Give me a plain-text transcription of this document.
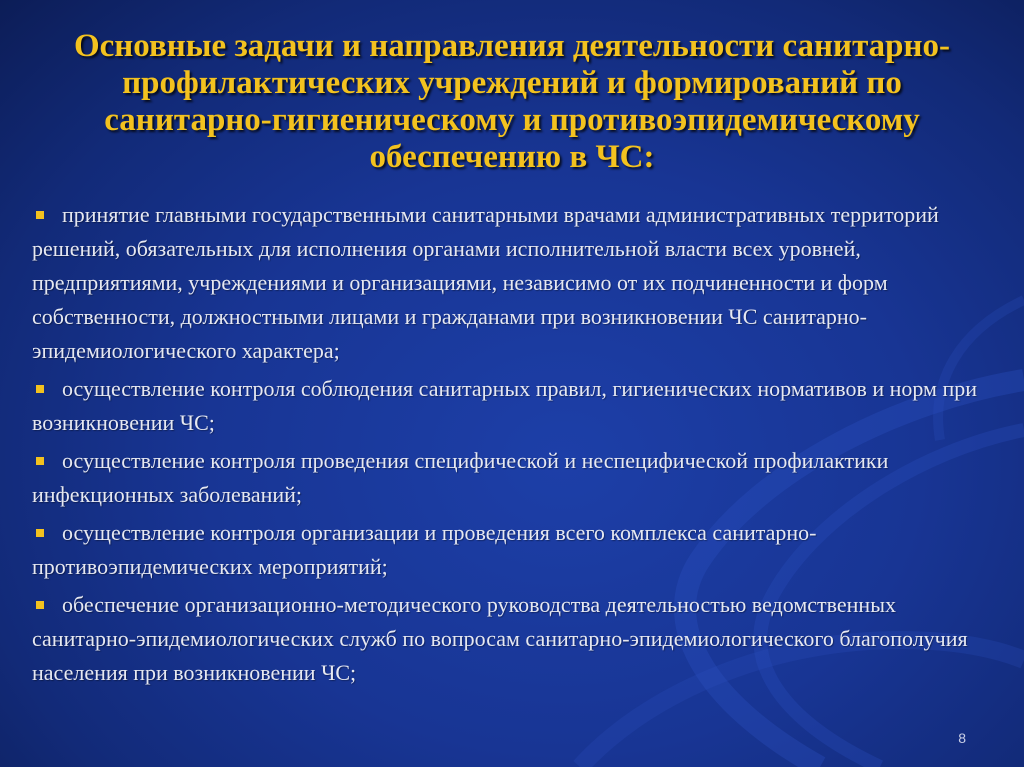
Основные задачи и направления деятельности санитарно-профилактических учреждений и формирований по санитарно-гигиеническому и противоэпидемическому обеспечению в ЧС:
принятие главными государственными санитарными врачами административных территорий решений, обязательных для исполнения органами исполнительной власти всех уровней, предприятиями, учреждениями и организациями, независимо от их подчиненности и форм собственности, должностными лицами и гражданами при возникновении ЧС санитарно-эпидемиологического характера;
осуществление контроля соблюдения санитарных правил, гигиенических нормативов и норм при возникновении ЧС;
осуществление контроля проведения специфической и неспецифической профилактики инфекционных заболеваний;
осуществление контроля организации и проведения всего комплекса санитарно-противоэпидемических мероприятий;
обеспечение организационно-методического руководства деятельностью ведомственных санитарно-эпидемиологических служб по вопросам санитарно-эпидемиологического благополучия населения при возникновении ЧС;
8
